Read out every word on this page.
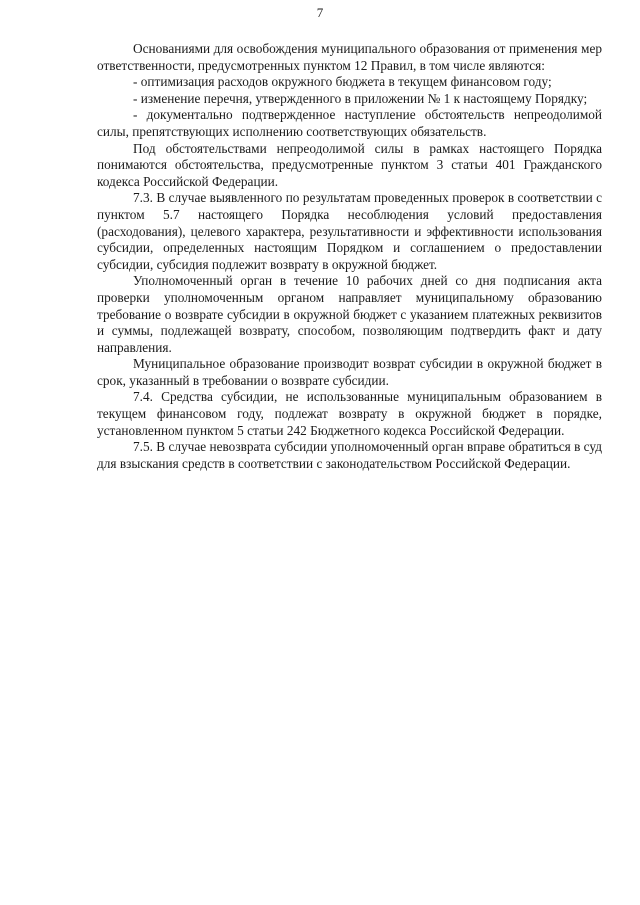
7

Основаниями для освобождения муниципального образования от применения мер ответственности, предусмотренных пунктом 12 Правил, в том числе являются:

- оптимизация расходов окружного бюджета в текущем финансовом году;

- изменение перечня, утвержденного в приложении № 1 к настоящему Порядку;

- документально подтвержденное наступление обстоятельств непреодолимой силы, препятствующих исполнению соответствующих обязательств.

Под обстоятельствами непреодолимой силы в рамках настоящего Порядка понимаются обстоятельства, предусмотренные пунктом 3 статьи 401 Гражданского кодекса Российской Федерации.

7.3. В случае выявленного по результатам проведенных проверок в соответствии с пунктом 5.7 настоящего Порядка несоблюдения условий предоставления (расходования), целевого характера, результативности и эффективности использования субсидии, определенных настоящим Порядком и соглашением о предоставлении субсидии, субсидия подлежит возврату в окружной бюджет.

Уполномоченный орган в течение 10 рабочих дней со дня подписания акта проверки уполномоченным органом направляет муниципальному образованию требование о возврате субсидии в окружной бюджет с указанием платежных реквизитов и суммы, подлежащей возврату, способом, позволяющим подтвердить факт и дату направления.

Муниципальное образование производит возврат субсидии в окружной бюджет в срок, указанный в требовании о возврате субсидии.

7.4. Средства субсидии, не использованные муниципальным образованием в текущем финансовом году, подлежат возврату в окружной бюджет в порядке, установленном пунктом 5 статьи 242 Бюджетного кодекса Российской Федерации.

7.5. В случае невозврата субсидии уполномоченный орган вправе обратиться в суд для взыскания средств в соответствии с законодательством Российской Федерации.
